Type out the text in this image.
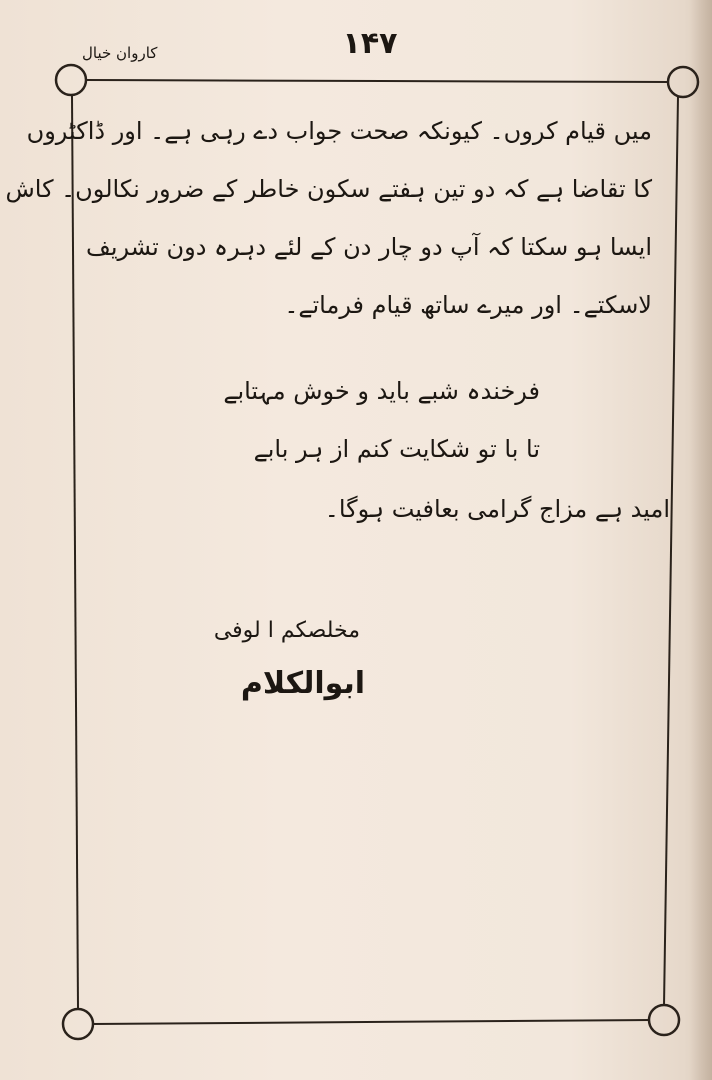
۱۴۷
کاروان خیال
میں قیام کروں۔ کیونکہ صحت جواب دے رہی ہے۔ اور ڈاکٹروں
کا تقاضا ہے کہ دو تین ہفتے سکون خاطر کے ضرور نکالوں۔ کاش
ایسا ہو سکتا کہ آپ دو چار دن کے لئے دہرہ دون تشریف
لاسکتے۔ اور میرے ساتھ قیام فرماتے۔
فرخندہ شبے باید و خوش مہتابے
تا با تو شکایت کنم از ہر بابے
امید ہے مزاج گرامی بعافیت ہوگا۔
مخلصکم ا لوفی
ابوالکلام
